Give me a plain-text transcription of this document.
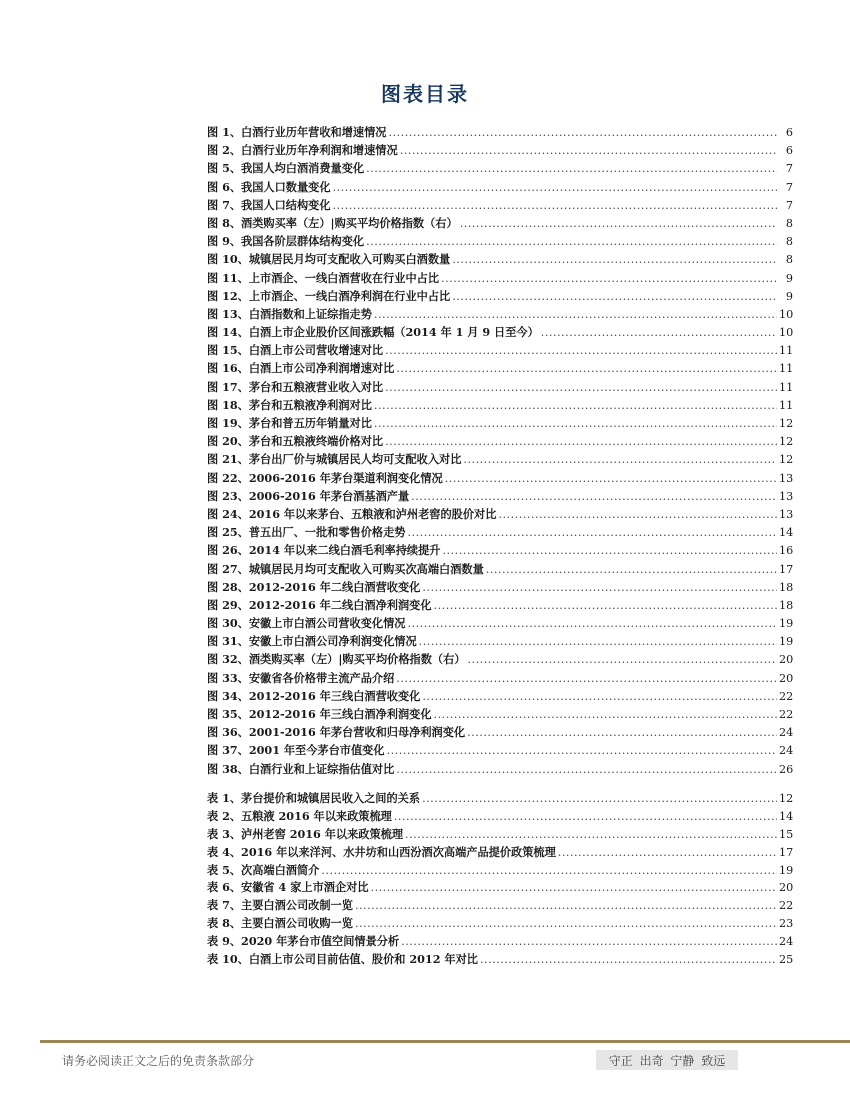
图表目录
图 1、白酒行业历年营收和增速情况 .....	6
图 2、白酒行业历年净利润和增速情况 .....	6
图 5、我国人均白酒消费量变化 .....	7
图 6、我国人口数量变化 .....	7
图 7、我国人口结构变化 .....	7
图 8、酒类购买率（左）|购买平均价格指数（右） .....	8
图 9、我国各阶层群体结构变化 .....	8
图 10、城镇居民月均可支配收入可购买白酒数量 .....	8
图 11、上市酒企、一线白酒营收在行业中占比 .....	9
图 12、上市酒企、一线白酒净利润在行业中占比 .....	9
图 13、白酒指数和上证综指走势 .....	10
图 14、白酒上市企业股价区间涨跌幅（2014 年 1 月 9 日至今） .....	10
图 15、白酒上市公司营收增速对比 .....	11
图 16、白酒上市公司净利润增速对比 .....	11
图 17、茅台和五粮液营业收入对比 .....	11
图 18、茅台和五粮液净利润对比 .....	11
图 19、茅台和普五历年销量对比 .....	12
图 20、茅台和五粮液终端价格对比 .....	12
图 21、茅台出厂价与城镇居民人均可支配收入对比 .....	12
图 22、2006-2016 年茅台渠道利润变化情况 .....	13
图 23、2006-2016 年茅台酒基酒产量 .....	13
图 24、2016 年以来茅台、五粮液和泸州老窖的股价对比 .....	13
图 25、普五出厂、一批和零售价格走势 .....	14
图 26、2014 年以来二线白酒毛利率持续提升 .....	16
图 27、城镇居民月均可支配收入可购买次高端白酒数量 .....	17
图 28、2012-2016 年二线白酒营收变化 .....	18
图 29、2012-2016 年二线白酒净利润变化 .....	18
图 30、安徽上市白酒公司营收变化情况 .....	19
图 31、安徽上市白酒公司净利润变化情况 .....	19
图 32、酒类购买率（左）|购买平均价格指数（右） .....	20
图 33、安徽省各价格带主流产品介绍 .....	20
图 34、2012-2016 年三线白酒营收变化 .....	22
图 35、2012-2016 年三线白酒净利润变化 .....	22
图 36、2001-2016 年茅台营收和归母净利润变化 .....	24
图 37、2001 年至今茅台市值变化 .....	24
图 38、白酒行业和上证综指估值对比 .....	26
表 1、茅台提价和城镇居民收入之间的关系 .....	12
表 2、五粮液 2016 年以来政策梳理 .....	14
表 3、泸州老窖 2016 年以来政策梳理 .....	15
表 4、2016 年以来洋河、水井坊和山西汾酒次高端产品提价政策梳理 .....	17
表 5、次高端白酒简介 .....	19
表 6、安徽省 4 家上市酒企对比 .....	20
表 7、主要白酒公司改制一览 .....	22
表 8、主要白酒公司收购一览 .....	23
表 9、2020 年茅台市值空间情景分析 .....	24
表 10、白酒上市公司目前估值、股价和 2012 年对比 .....	25
请务必阅读正文之后的免责条款部分	守正 出奇 宁静 致远
